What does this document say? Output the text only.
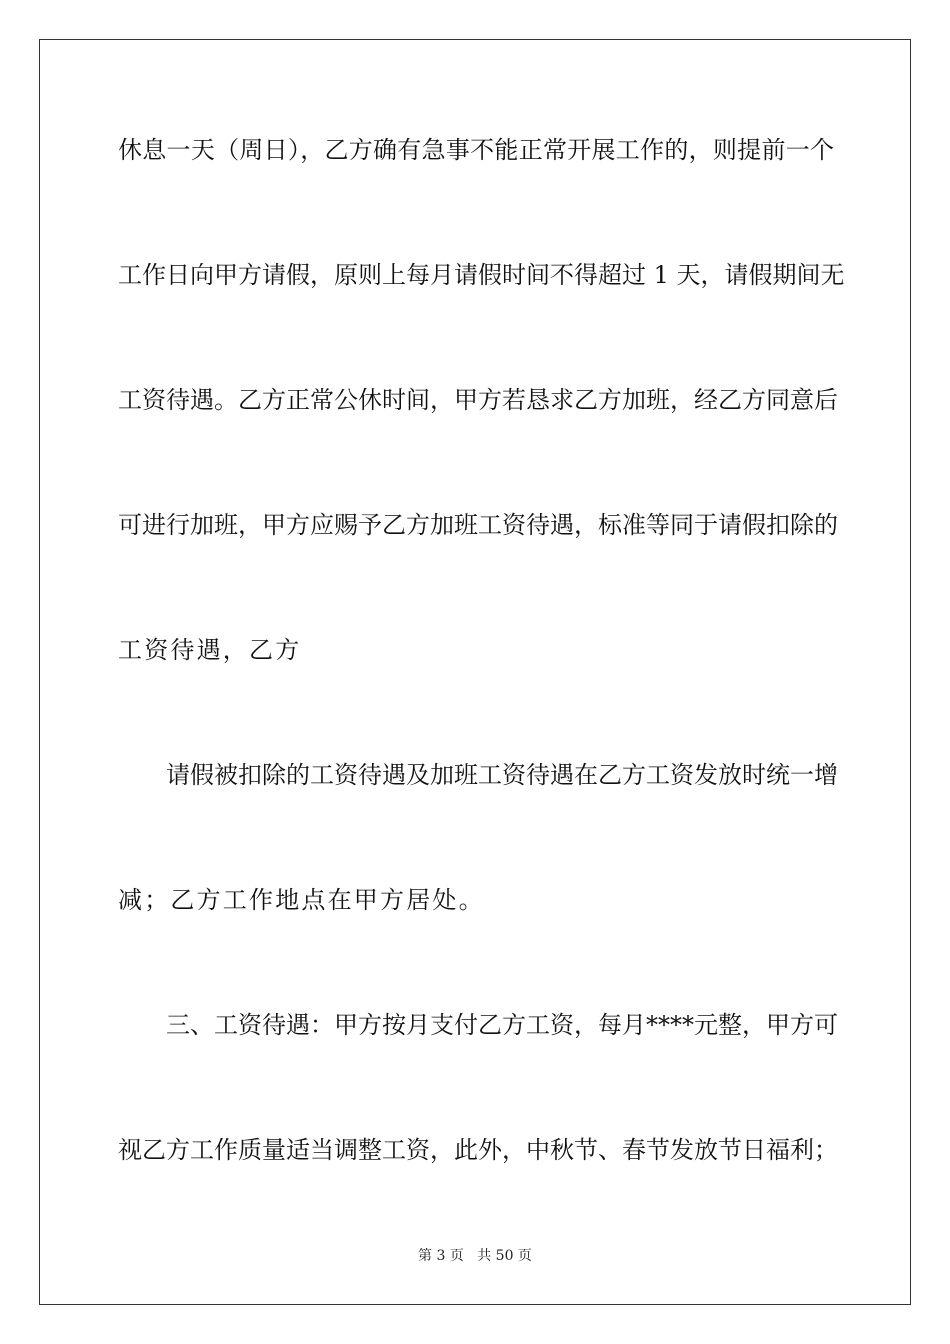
休息一天（周日），乙方确有急事不能正常开展工作的，则提前一个
工作日向甲方请假，原则上每月请假时间不得超过 1 天，请假期间无
工资待遇。乙方正常公休时间，甲方若恳求乙方加班，经乙方同意后
可进行加班，甲方应赐予乙方加班工资待遇，标准等同于请假扣除的
工资待遇，乙方
请假被扣除的工资待遇及加班工资待遇在乙方工资发放时统一增
减；乙方工作地点在甲方居处。
三、工资待遇：甲方按月支付乙方工资，每月****元整，甲方可
视乙方工作质量适当调整工资，此外，中秋节、春节发放节日福利；
第 3 页 共 50 页
